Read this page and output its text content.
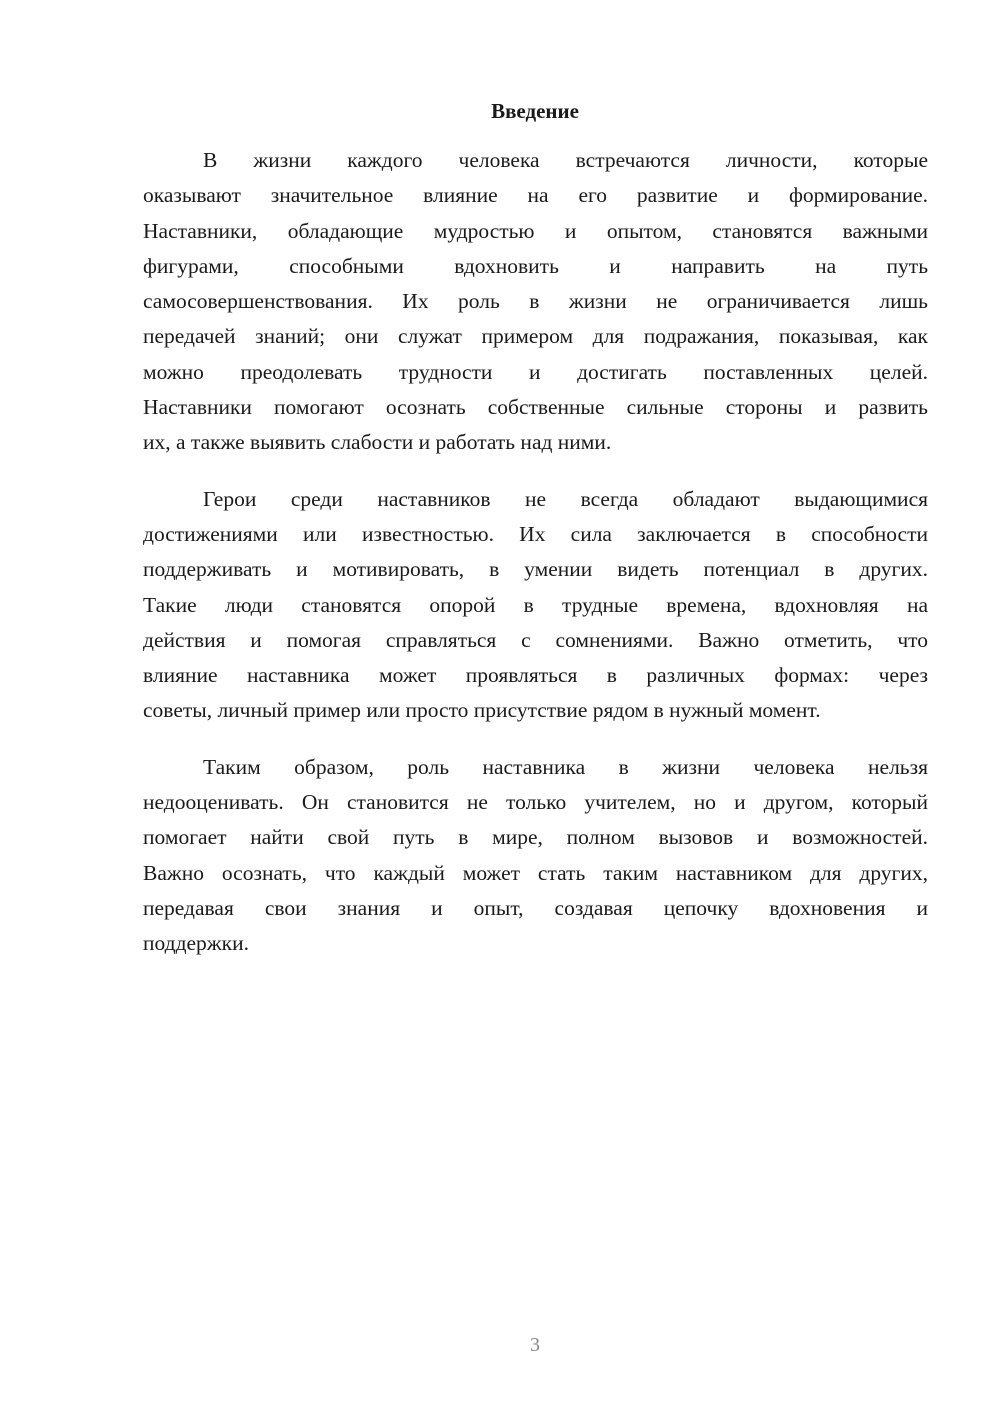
Введение
В жизни каждого человека встречаются личности, которые
оказывают значительное влияние на его развитие и формирование.
Наставники, обладающие мудростью и опытом, становятся важными
фигурами, способными вдохновить и направить на путь
самосовершенствования. Их роль в жизни не ограничивается лишь
передачей знаний; они служат примером для подражания, показывая, как
можно преодолевать трудности и достигать поставленных целей.
Наставники помогают осознать собственные сильные стороны и развить
их, а также выявить слабости и работать над ними.
Герои среди наставников не всегда обладают выдающимися
достижениями или известностью. Их сила заключается в способности
поддерживать и мотивировать, в умении видеть потенциал в других.
Такие люди становятся опорой в трудные времена, вдохновляя на
действия и помогая справляться с сомнениями. Важно отметить, что
влияние наставника может проявляться в различных формах: через
советы, личный пример или просто присутствие рядом в нужный момент.
Таким образом, роль наставника в жизни человека нельзя
недооценивать. Он становится не только учителем, но и другом, который
помогает найти свой путь в мире, полном вызовов и возможностей.
Важно осознать, что каждый может стать таким наставником для других,
передавая свои знания и опыт, создавая цепочку вдохновения и
поддержки.
3
